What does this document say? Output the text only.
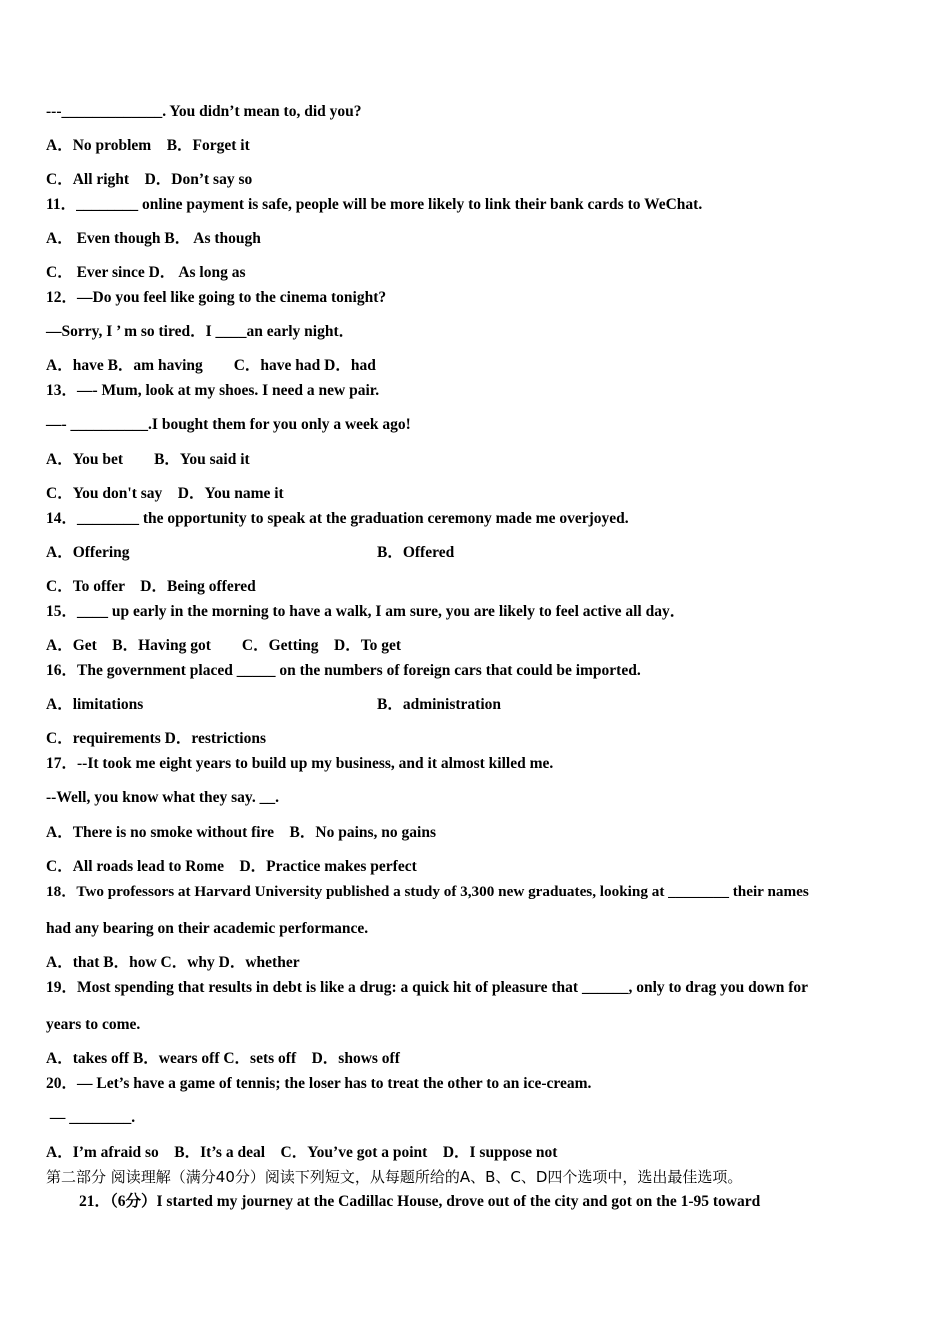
---_____________. You didn’t mean to, did you?
A．No problem　B．Forget it
C．All right　D．Don’t say so
11．________ online payment is safe, people will be more likely to link their bank cards to WeChat.
A． Even though B． As though
C． Ever since D． As long as
12．—Do you feel like going to the cinema tonight?
—Sorry, I ’ m so tired．I ____an early night．
A．have B．am having　　C．have had D．had
13．—- Mum, look at my shoes. I need a new pair.
—- __________.I bought them for you only a week ago!
A．You bet　　B．You said it
C．You don't say　D．You name it
14．________ the opportunity to speak at the graduation ceremony made me overjoyed.
A．Offering	B．Offered
C．To offer　D．Being offered
15．____ up early in the morning to have a walk, I am sure, you are likely to feel active all day．
A．Get　B．Having got　　C．Getting　D．To get
16．The government placed _____ on the numbers of foreign cars that could be imported.
A．limitations	B．administration
C．requirements D．restrictions
17．--It took me eight years to build up my business, and it almost killed me.
--Well, you know what they say. __.
A．There is no smoke without fire　B．No pains, no gains
C．All roads lead to Rome　D．Practice makes perfect
18．Two professors at Harvard University published a study of 3,300 new graduates, looking at ________ their names
had any bearing on their academic performance.
A．that B．how C．why D．whether
19．Most spending that results in debt is like a drug: a quick hit of pleasure that ______, only to drag you down for
years to come.
A．takes off B．wears off C．sets off　D．shows off
20．— Let’s have a game of tennis; the loser has to treat the other to an ice-cream.
— ________.
A．I’m afraid so　B．It’s a deal　C．You’ve got a point　D．I suppose not
第二部分 阅读理解（满分40分）阅读下列短文，从每题所给的A、B、C、D四个选项中，选出最佳选项。
21．（6分）I started my journey at the Cadillac House, drove out of the city and got on the 1-95 toward
